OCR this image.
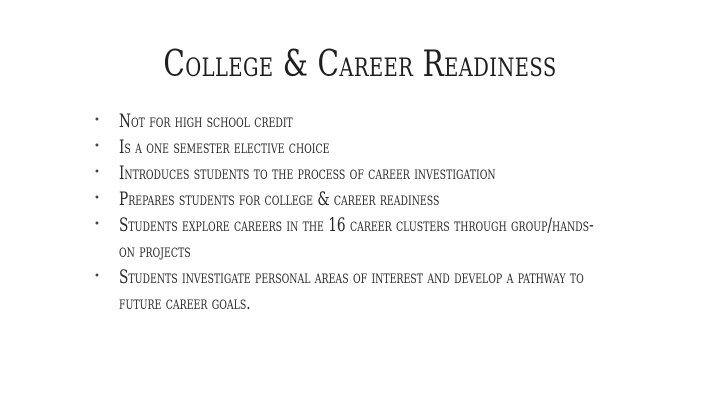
College & Career Readiness
• Not for high school credit
• Is a one semester elective choice
• Introduces students to the process of career investigation
• Prepares students for college & career readiness
• Students explore careers in the 16 career clusters through group/hands-on projects
• Students investigate personal areas of interest and develop a pathway to future career goals.
